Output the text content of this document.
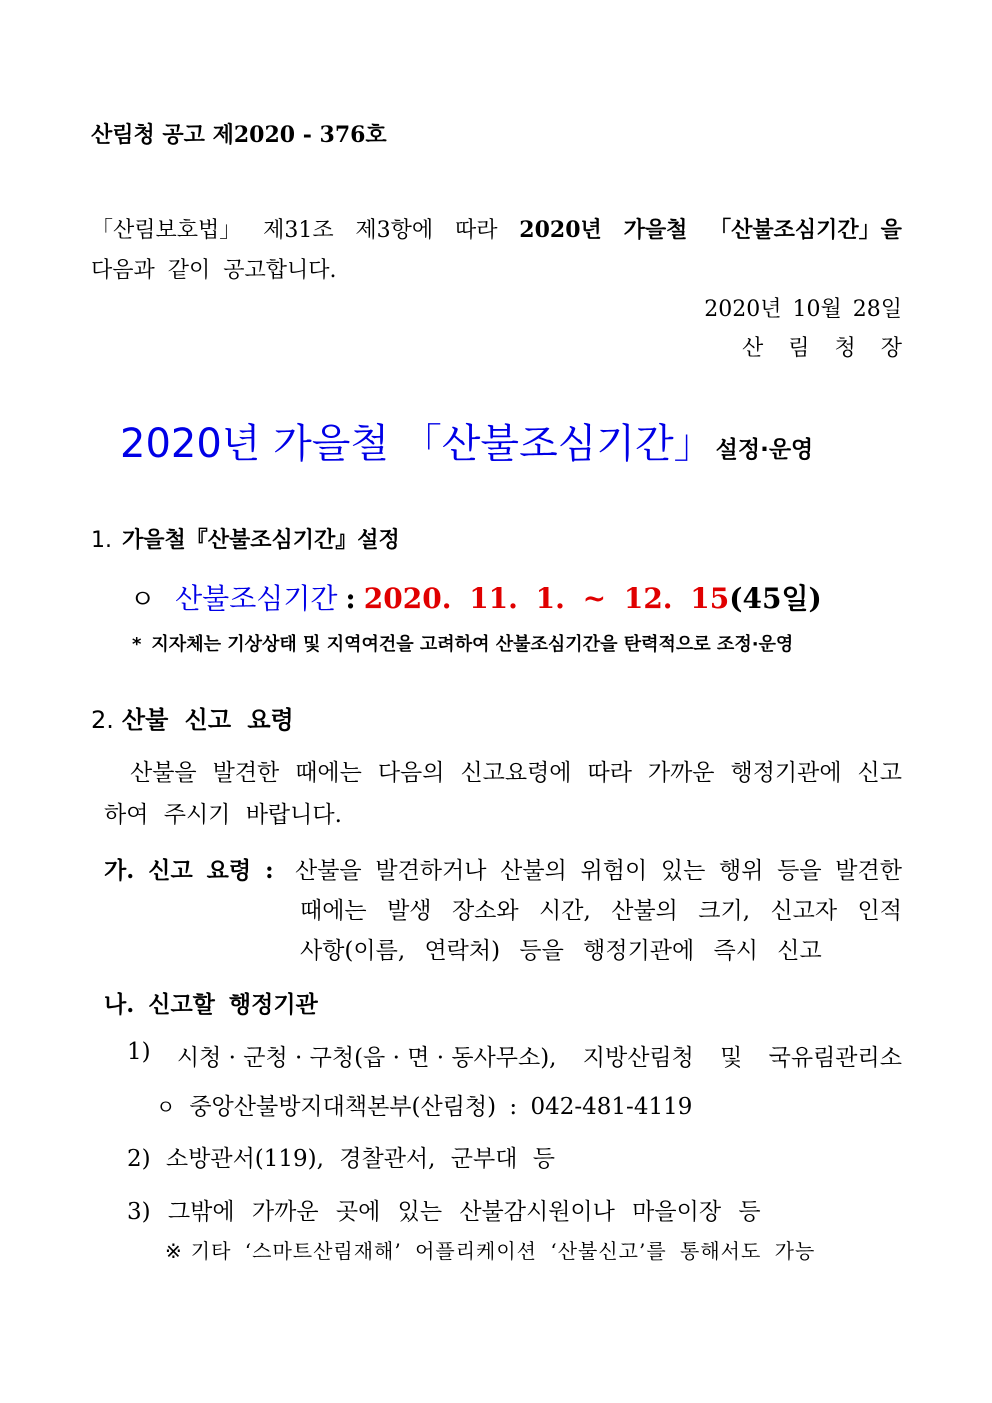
산림청 공고 제2020 - 376호
「산림보호법」 제31조 제3항에 따라 2020년 가을철 「산불조심기간」을
다음과 같이 공고합니다.
2020년 10월 28일
산림청장
2020년 가을철 「산불조심기간」설정·운영
1. 가을철『산불조심기간』설정
ㅇ 산불조심기간 : 2020. 11. 1. ~ 12. 15(45일)
* 지자체는 기상상태 및 지역여건을 고려하여 산불조심기간을 탄력적으로 조정·운영
2. 산불 신고 요령
산불을 발견한 때에는 다음의 신고요령에 따라 가까운 행정기관에 신고
하여 주시기 바랍니다.
가. 신고 요령 : 산불을 발견하거나 산불의 위험이 있는 행위 등을 발견한
때에는 발생 장소와 시간, 산불의 크기, 신고자 인적
사항(이름, 연락처) 등을 행정기관에 즉시 신고
나. 신고할 행정기관
1) 시청 · 군청 · 구청(읍 · 면 · 동사무소), 지방산림청 및 국유림관리소
ㅇ 중앙산불방지대책본부(산림청) : 042-481-4119
2) 소방관서(119), 경찰관서, 군부대 등
3) 그밖에 가까운 곳에 있는 산불감시원이나 마을이장 등
※ 기타 ‘스마트산림재해’ 어플리케이션 ‘산불신고’를 통해서도 가능
